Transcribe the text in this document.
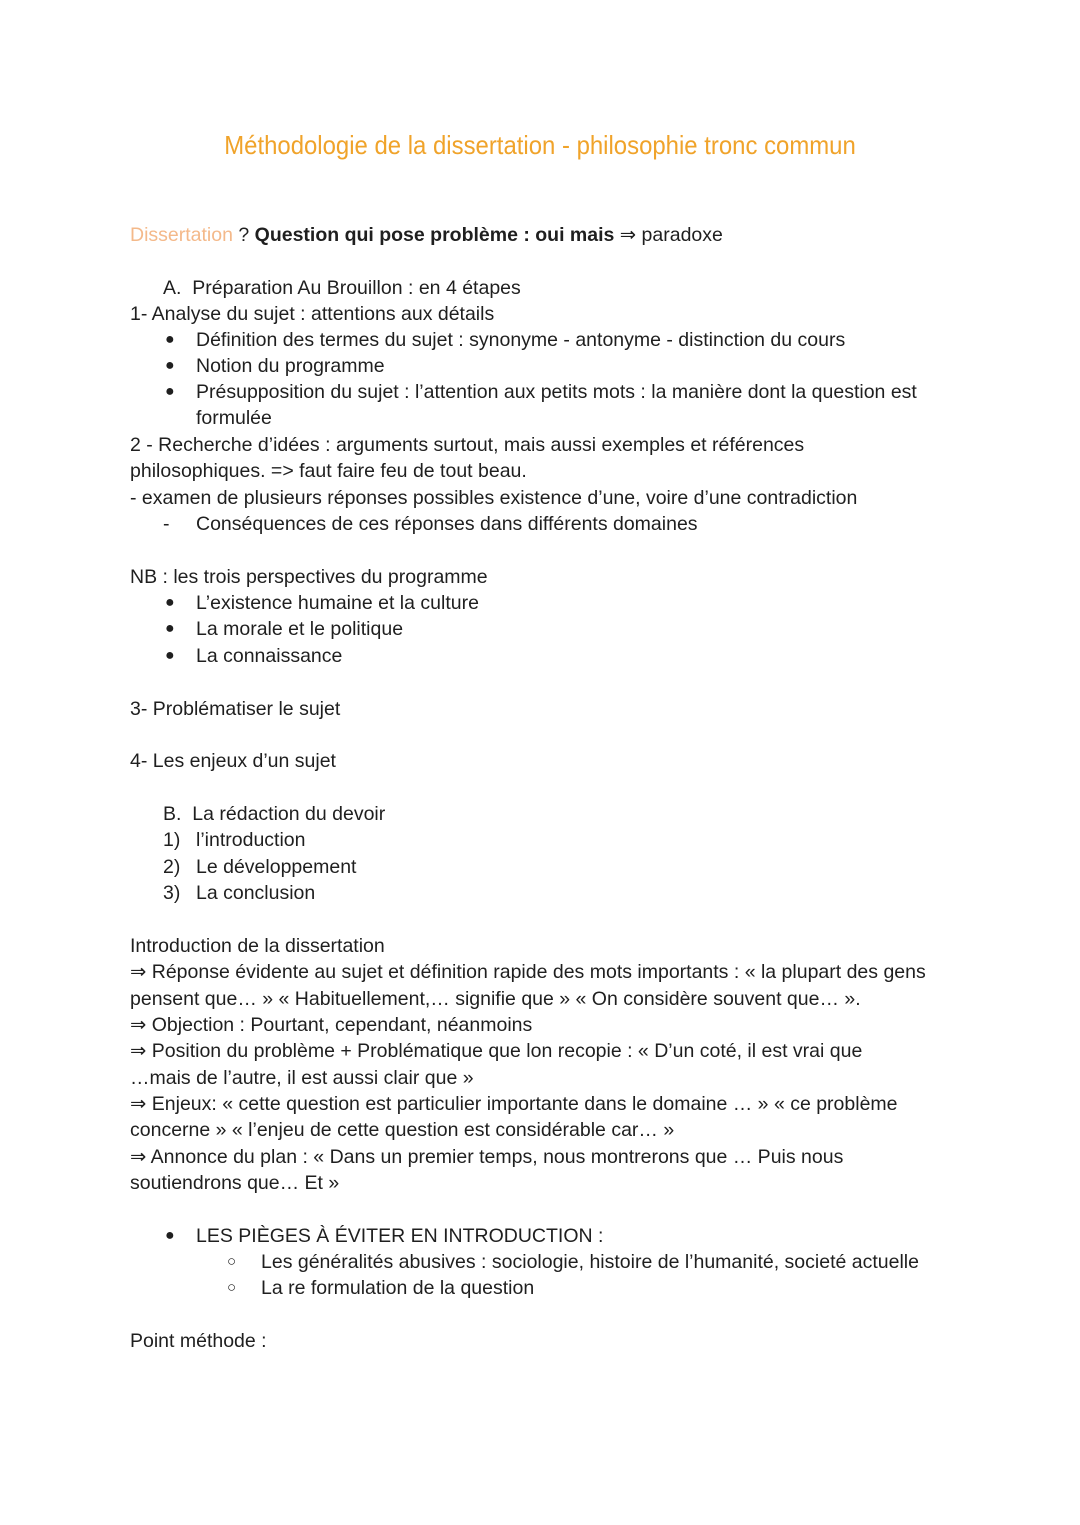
Méthodologie de la dissertation - philosophie tronc commun
Dissertation ? Question qui pose problème : oui mais ⇒ paradoxe
A. Préparation Au Brouillon : en 4 étapes
1- Analyse du sujet : attentions aux détails
● Définition des termes du sujet : synonyme - antonyme - distinction du cours
● Notion du programme
● Présupposition du sujet : l’attention aux petits mots : la manière dont la question est
formulée
2 - Recherche d’idées : arguments surtout, mais aussi exemples et références
philosophiques. => faut faire feu de tout beau.
- examen de plusieurs réponses possibles existence d’une, voire d’une contradiction
- Conséquences de ces réponses dans différents domaines
NB : les trois perspectives du programme
● L’existence humaine et la culture
● La morale et le politique
● La connaissance
3- Problématiser le sujet
4- Les enjeux d’un sujet
B. La rédaction du devoir
1) l’introduction
2) Le développement
3) La conclusion
Introduction de la dissertation
⇒ Réponse évidente au sujet et définition rapide des mots importants : « la plupart des gens
pensent que… » « Habituellement,… signifie que » « On considère souvent que… ».
⇒ Objection : Pourtant, cependant, néanmoins
⇒ Position du problème + Problématique que lon recopie : « D’un coté, il est vrai que
…mais de l’autre, il est aussi clair que »
⇒ Enjeux: « cette question est particulier importante dans le domaine … » « ce problème
concerne » « l’enjeu de cette question est considérable car… »
⇒ Annonce du plan : « Dans un premier temps, nous montrerons que … Puis nous
soutiendrons que… Et »
● LES PIÈGES À ÉVITER EN INTRODUCTION :
○ Les généralités abusives : sociologie, histoire de l’humanité, societé actuelle
○ La re formulation de la question
Point méthode :
